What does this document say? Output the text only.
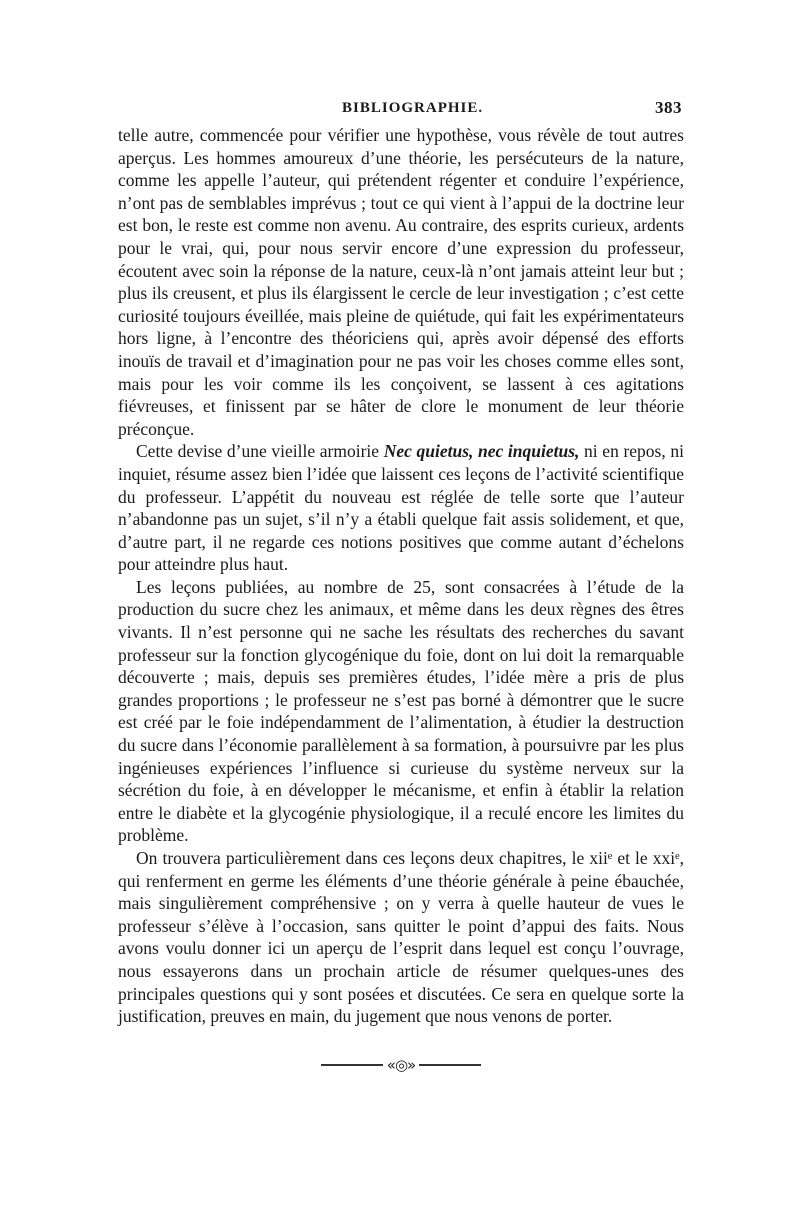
BIBLIOGRAPHIE.	383

telle autre, commencée pour vérifier une hypothèse, vous révèle de tout autres aperçus. Les hommes amoureux d’une théorie, les persécuteurs de la nature, comme les appelle l’auteur, qui prétendent régenter et conduire l’expérience, n’ont pas de semblables imprévus ; tout ce qui vient à l’appui de la doctrine leur est bon, le reste est comme non avenu. Au contraire, des esprits curieux, ardents pour le vrai, qui, pour nous servir encore d’une expression du professeur, écoutent avec soin la réponse de la nature, ceux-là n’ont jamais atteint leur but ; plus ils creusent, et plus ils élargissent le cercle de leur investigation ; c’est cette curiosité toujours éveillée, mais pleine de quiétude, qui fait les expérimentateurs hors ligne, à l’encontre des théoriciens qui, après avoir dépensé des efforts inouïs de travail et d’imagination pour ne pas voir les choses comme elles sont, mais pour les voir comme ils les conçoivent, se lassent à ces agitations fiévreuses, et finissent par se hâter de clore le monument de leur théorie préconçue.

Cette devise d’une vieille armoirie Nec quietus, nec inquietus, ni en repos, ni inquiet, résume assez bien l’idée que laissent ces leçons de l’activité scientifique du professeur. L’appétit du nouveau est réglée de telle sorte que l’auteur n’abandonne pas un sujet, s’il n’y a établi quelque fait assis solidement, et que, d’autre part, il ne regarde ces notions positives que comme autant d’échelons pour atteindre plus haut.

Les leçons publiées, au nombre de 25, sont consacrées à l’étude de la production du sucre chez les animaux, et même dans les deux règnes des êtres vivants. Il n’est personne qui ne sache les résultats des recherches du savant professeur sur la fonction glycogénique du foie, dont on lui doit la remarquable découverte ; mais, depuis ses premières études, l’idée mère a pris de plus grandes proportions ; le professeur ne s’est pas borné à démontrer que le sucre est créé par le foie indépendamment de l’alimentation, à étudier la destruction du sucre dans l’économie parallèlement à sa formation, à poursuivre par les plus ingénieuses expériences l’influence si curieuse du système nerveux sur la sécrétion du foie, à en développer le mécanisme, et enfin à établir la relation entre le diabète et la glycogénie physiologique, il a reculé encore les limites du problème.

On trouvera particulièrement dans ces leçons deux chapitres, le xiiᵉ et le xxiᵉ, qui renferment en germe les éléments d’une théorie générale à peine ébauchée, mais singulièrement compréhensive ; on y verra à quelle hauteur de vues le professeur s’élève à l’occasion, sans quitter le point d’appui des faits. Nous avons voulu donner ici un aperçu de l’esprit dans lequel est conçu l’ouvrage, nous essayerons dans un prochain article de résumer quelques-unes des principales questions qui y sont posées et discutées. Ce sera en quelque sorte la justification, preuves en main, du jugement que nous venons de porter.

«◎»
